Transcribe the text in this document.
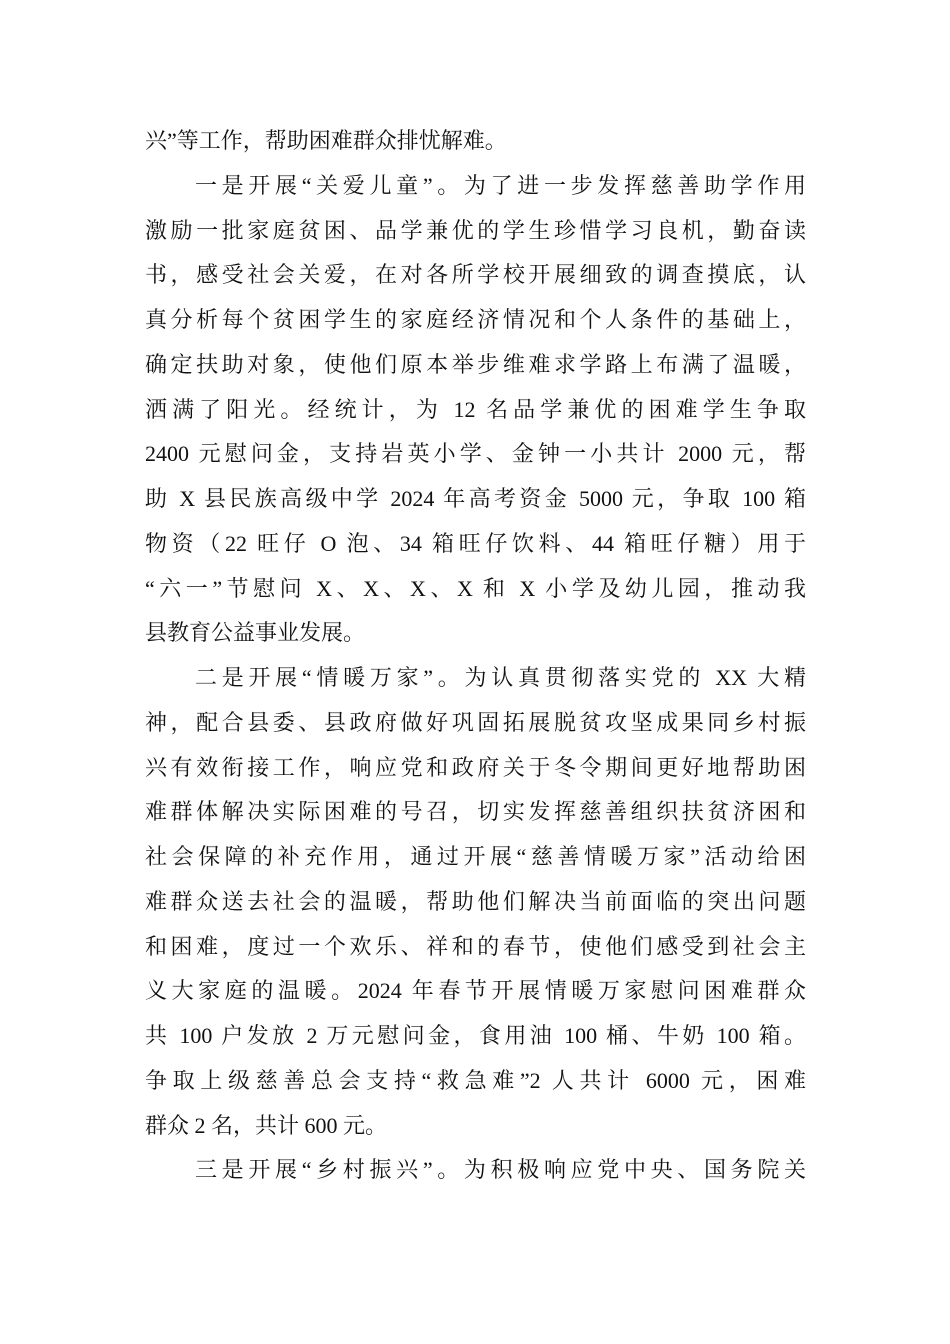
兴”等工作，帮助困难群众排忧解难。
一是开展“关爱儿童”。为了进一步发挥慈善助学作用
激励一批家庭贫困、品学兼优的学生珍惜学习良机，勤奋读
书，感受社会关爱，在对各所学校开展细致的调查摸底，认
真分析每个贫困学生的家庭经济情况和个人条件的基础上，
确定扶助对象，使他们原本举步维难求学路上布满了温暖，
洒满了阳光。经统计，为 12 名品学兼优的困难学生争取
2400 元慰问金，支持岩英小学、金钟一小共计 2000 元，帮
助 X 县民族高级中学 2024 年高考资金 5000 元，争取 100 箱
物资（22 旺仔 O 泡、34 箱旺仔饮料、44 箱旺仔糖）用于
“六一”节慰问 X、X、X、X 和 X 小学及幼儿园，推动我
县教育公益事业发展。
二是开展“情暖万家”。为认真贯彻落实党的 XX 大精
神，配合县委、县政府做好巩固拓展脱贫攻坚成果同乡村振
兴有效衔接工作，响应党和政府关于冬令期间更好地帮助困
难群体解决实际困难的号召，切实发挥慈善组织扶贫济困和
社会保障的补充作用，通过开展“慈善情暖万家”活动给困
难群众送去社会的温暖，帮助他们解决当前面临的突出问题
和困难，度过一个欢乐、祥和的春节，使他们感受到社会主
义大家庭的温暖。2024 年春节开展情暖万家慰问困难群众
共 100 户发放 2 万元慰问金，食用油 100 桶、牛奶 100 箱。
争取上级慈善总会支持“救急难”2 人共计 6000 元，困难
群众 2 名，共计 600 元。
三是开展“乡村振兴”。为积极响应党中央、国务院关
